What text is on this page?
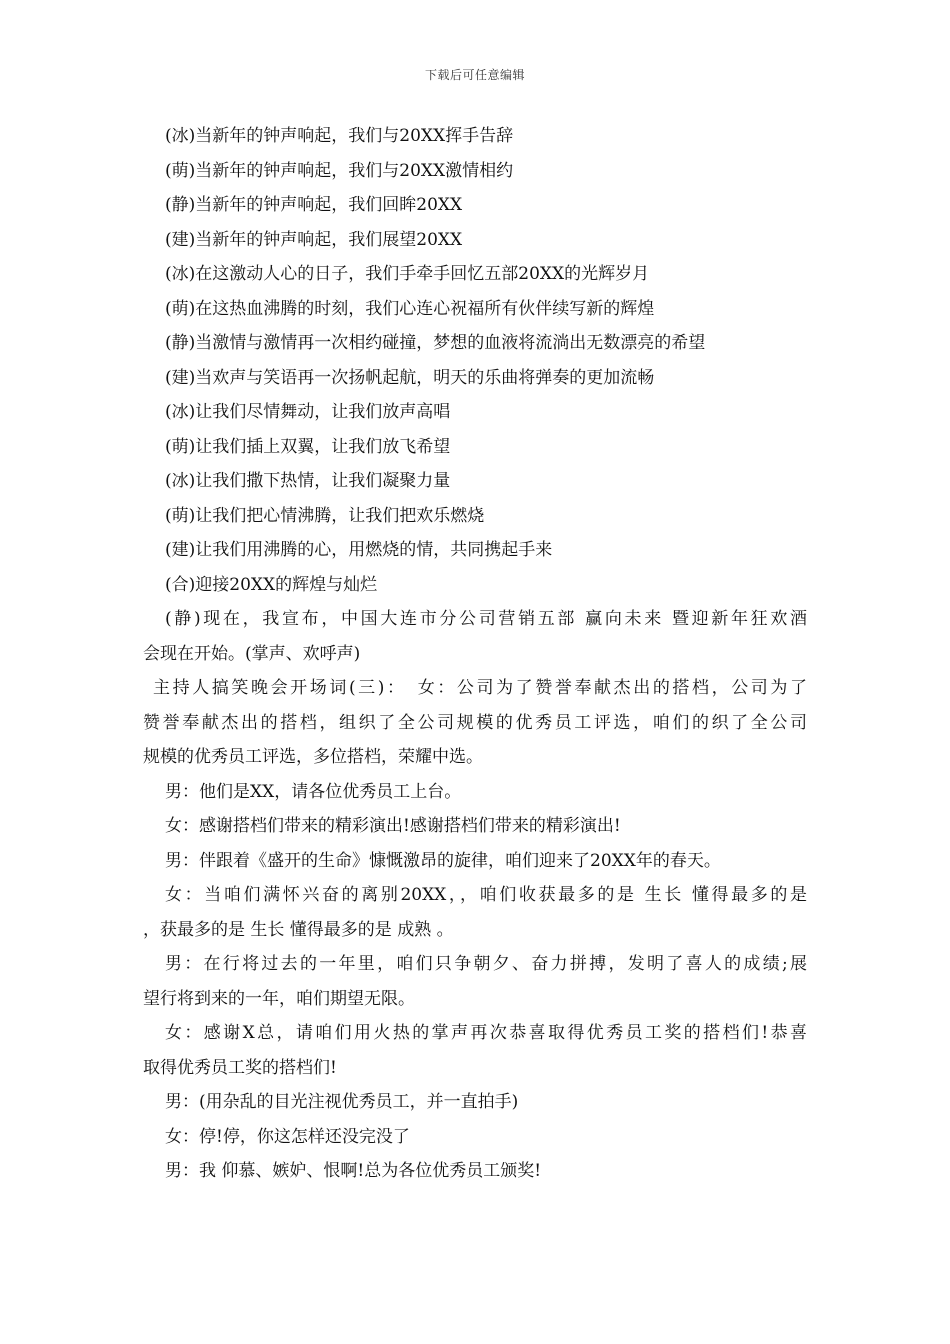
下载后可任意编辑
(冰)当新年的钟声响起，我们与20XX挥手告辞
(萌)当新年的钟声响起，我们与20XX激情相约
(静)当新年的钟声响起，我们回眸20XX
(建)当新年的钟声响起，我们展望20XX
(冰)在这激动人心的日子，我们手牵手回忆五部20XX的光辉岁月
(萌)在这热血沸腾的时刻，我们心连心祝福所有伙伴续写新的辉煌
(静)当激情与激情再一次相约碰撞，梦想的血液将流淌出无数漂亮的希望
(建)当欢声与笑语再一次扬帆起航，明天的乐曲将弹奏的更加流畅
(冰)让我们尽情舞动，让我们放声高唱
(萌)让我们插上双翼，让我们放飞希望
(冰)让我们撒下热情，让我们凝聚力量
(萌)让我们把心情沸腾，让我们把欢乐燃烧
(建)让我们用沸腾的心，用燃烧的情，共同携起手来
(合)迎接20XX的辉煌与灿烂
(静)现在，我宣布，中国大连市分公司营销五部 赢向未来 暨迎新年狂欢酒
会现在开始。(掌声、欢呼声)
主持人搞笑晚会开场词(三)：　女：公司为了赞誉奉献杰出的搭档，公司为了
赞誉奉献杰出的搭档，组织了全公司规模的优秀员工评选，咱们的织了全公司
规模的优秀员工评选，多位搭档，荣耀中选。
男：他们是XX，请各位优秀员工上台。
女：感谢搭档们带来的精彩演出!感谢搭档们带来的精彩演出!
男：伴跟着《盛开的生命》慷慨激昂的旋律，咱们迎来了20XX年的春天。
女：当咱们满怀兴奋的离别20XX，，咱们收获最多的是 生长 懂得最多的是
，获最多的是 生长 懂得最多的是 成熟 。
男：在行将过去的一年里，咱们只争朝夕、奋力拼搏，发明了喜人的成绩;展
望行将到来的一年，咱们期望无限。
女：感谢X总，请咱们用火热的掌声再次恭喜取得优秀员工奖的搭档们!恭喜
取得优秀员工奖的搭档们!
男：(用杂乱的目光注视优秀员工，并一直拍手)
女：停!停，你这怎样还没完没了
男：我 仰慕、嫉妒、恨啊!总为各位优秀员工颁奖!
